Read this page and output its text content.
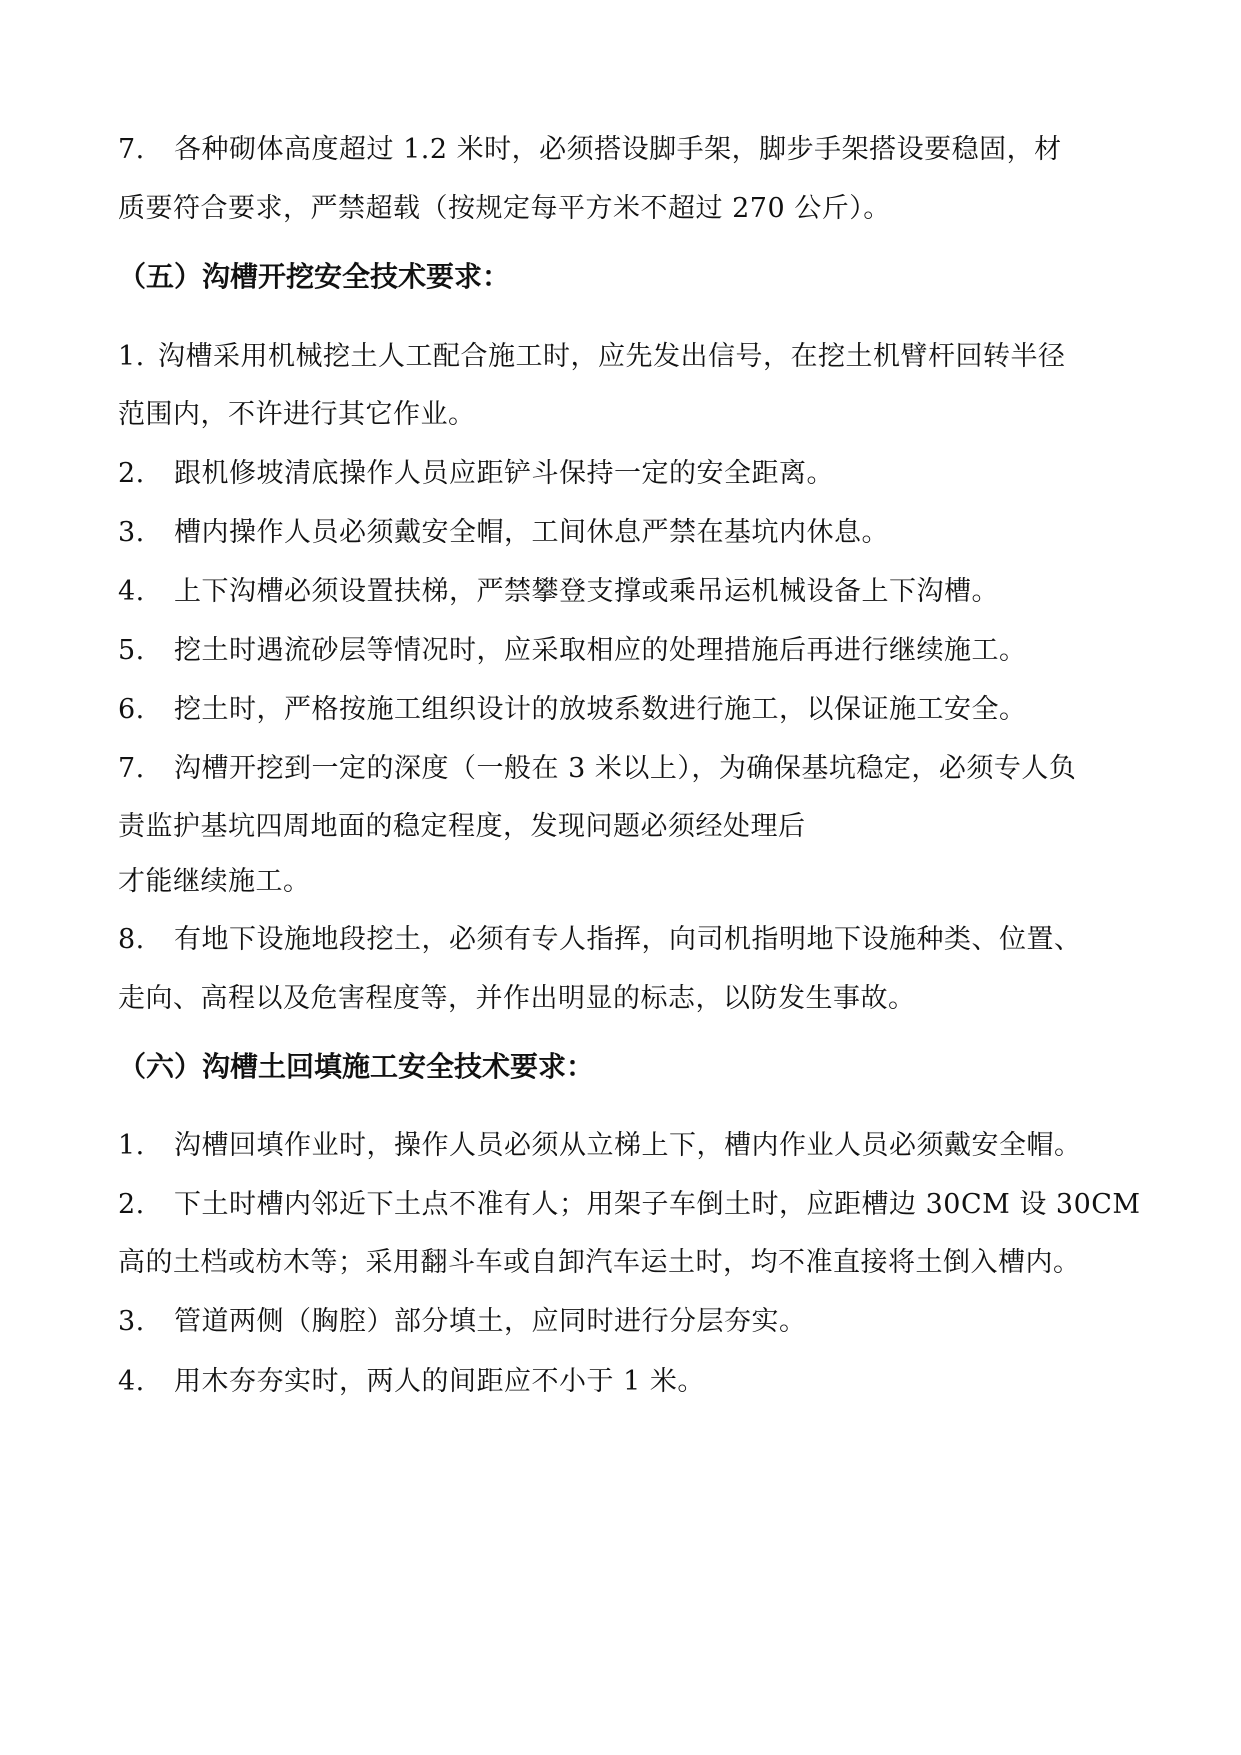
7. 各种砌体高度超过 1.2 米时，必须搭设脚手架，脚步手架搭设要稳固，材
质要符合要求，严禁超载（按规定每平方米不超过 270 公斤）。
（五）沟槽开挖安全技术要求：
1. 沟槽采用机械挖土人工配合施工时，应先发出信号，在挖土机臂杆回转半径
范围内，不许进行其它作业。
2. 跟机修坡清底操作人员应距铲斗保持一定的安全距离。
3. 槽内操作人员必须戴安全帽，工间休息严禁在基坑内休息。
4. 上下沟槽必须设置扶梯，严禁攀登支撑或乘吊运机械设备上下沟槽。
5. 挖土时遇流砂层等情况时，应采取相应的处理措施后再进行继续施工。
6. 挖土时，严格按施工组织设计的放坡系数进行施工，以保证施工安全。
7. 沟槽开挖到一定的深度（一般在 3 米以上），为确保基坑稳定，必须专人负
责监护基坑四周地面的稳定程度，发现问题必须经处理后
才能继续施工。
8. 有地下设施地段挖土，必须有专人指挥，向司机指明地下设施种类、位置、
走向、高程以及危害程度等，并作出明显的标志，以防发生事故。
（六）沟槽土回填施工安全技术要求：
1. 沟槽回填作业时，操作人员必须从立梯上下，槽内作业人员必须戴安全帽。
2. 下土时槽内邻近下土点不准有人；用架子车倒土时，应距槽边 30CM 设 30CM
高的土档或枋木等；采用翻斗车或自卸汽车运土时，均不准直接将土倒入槽内。
3. 管道两侧（胸腔）部分填土，应同时进行分层夯实。
4. 用木夯夯实时，两人的间距应不小于 1 米。
